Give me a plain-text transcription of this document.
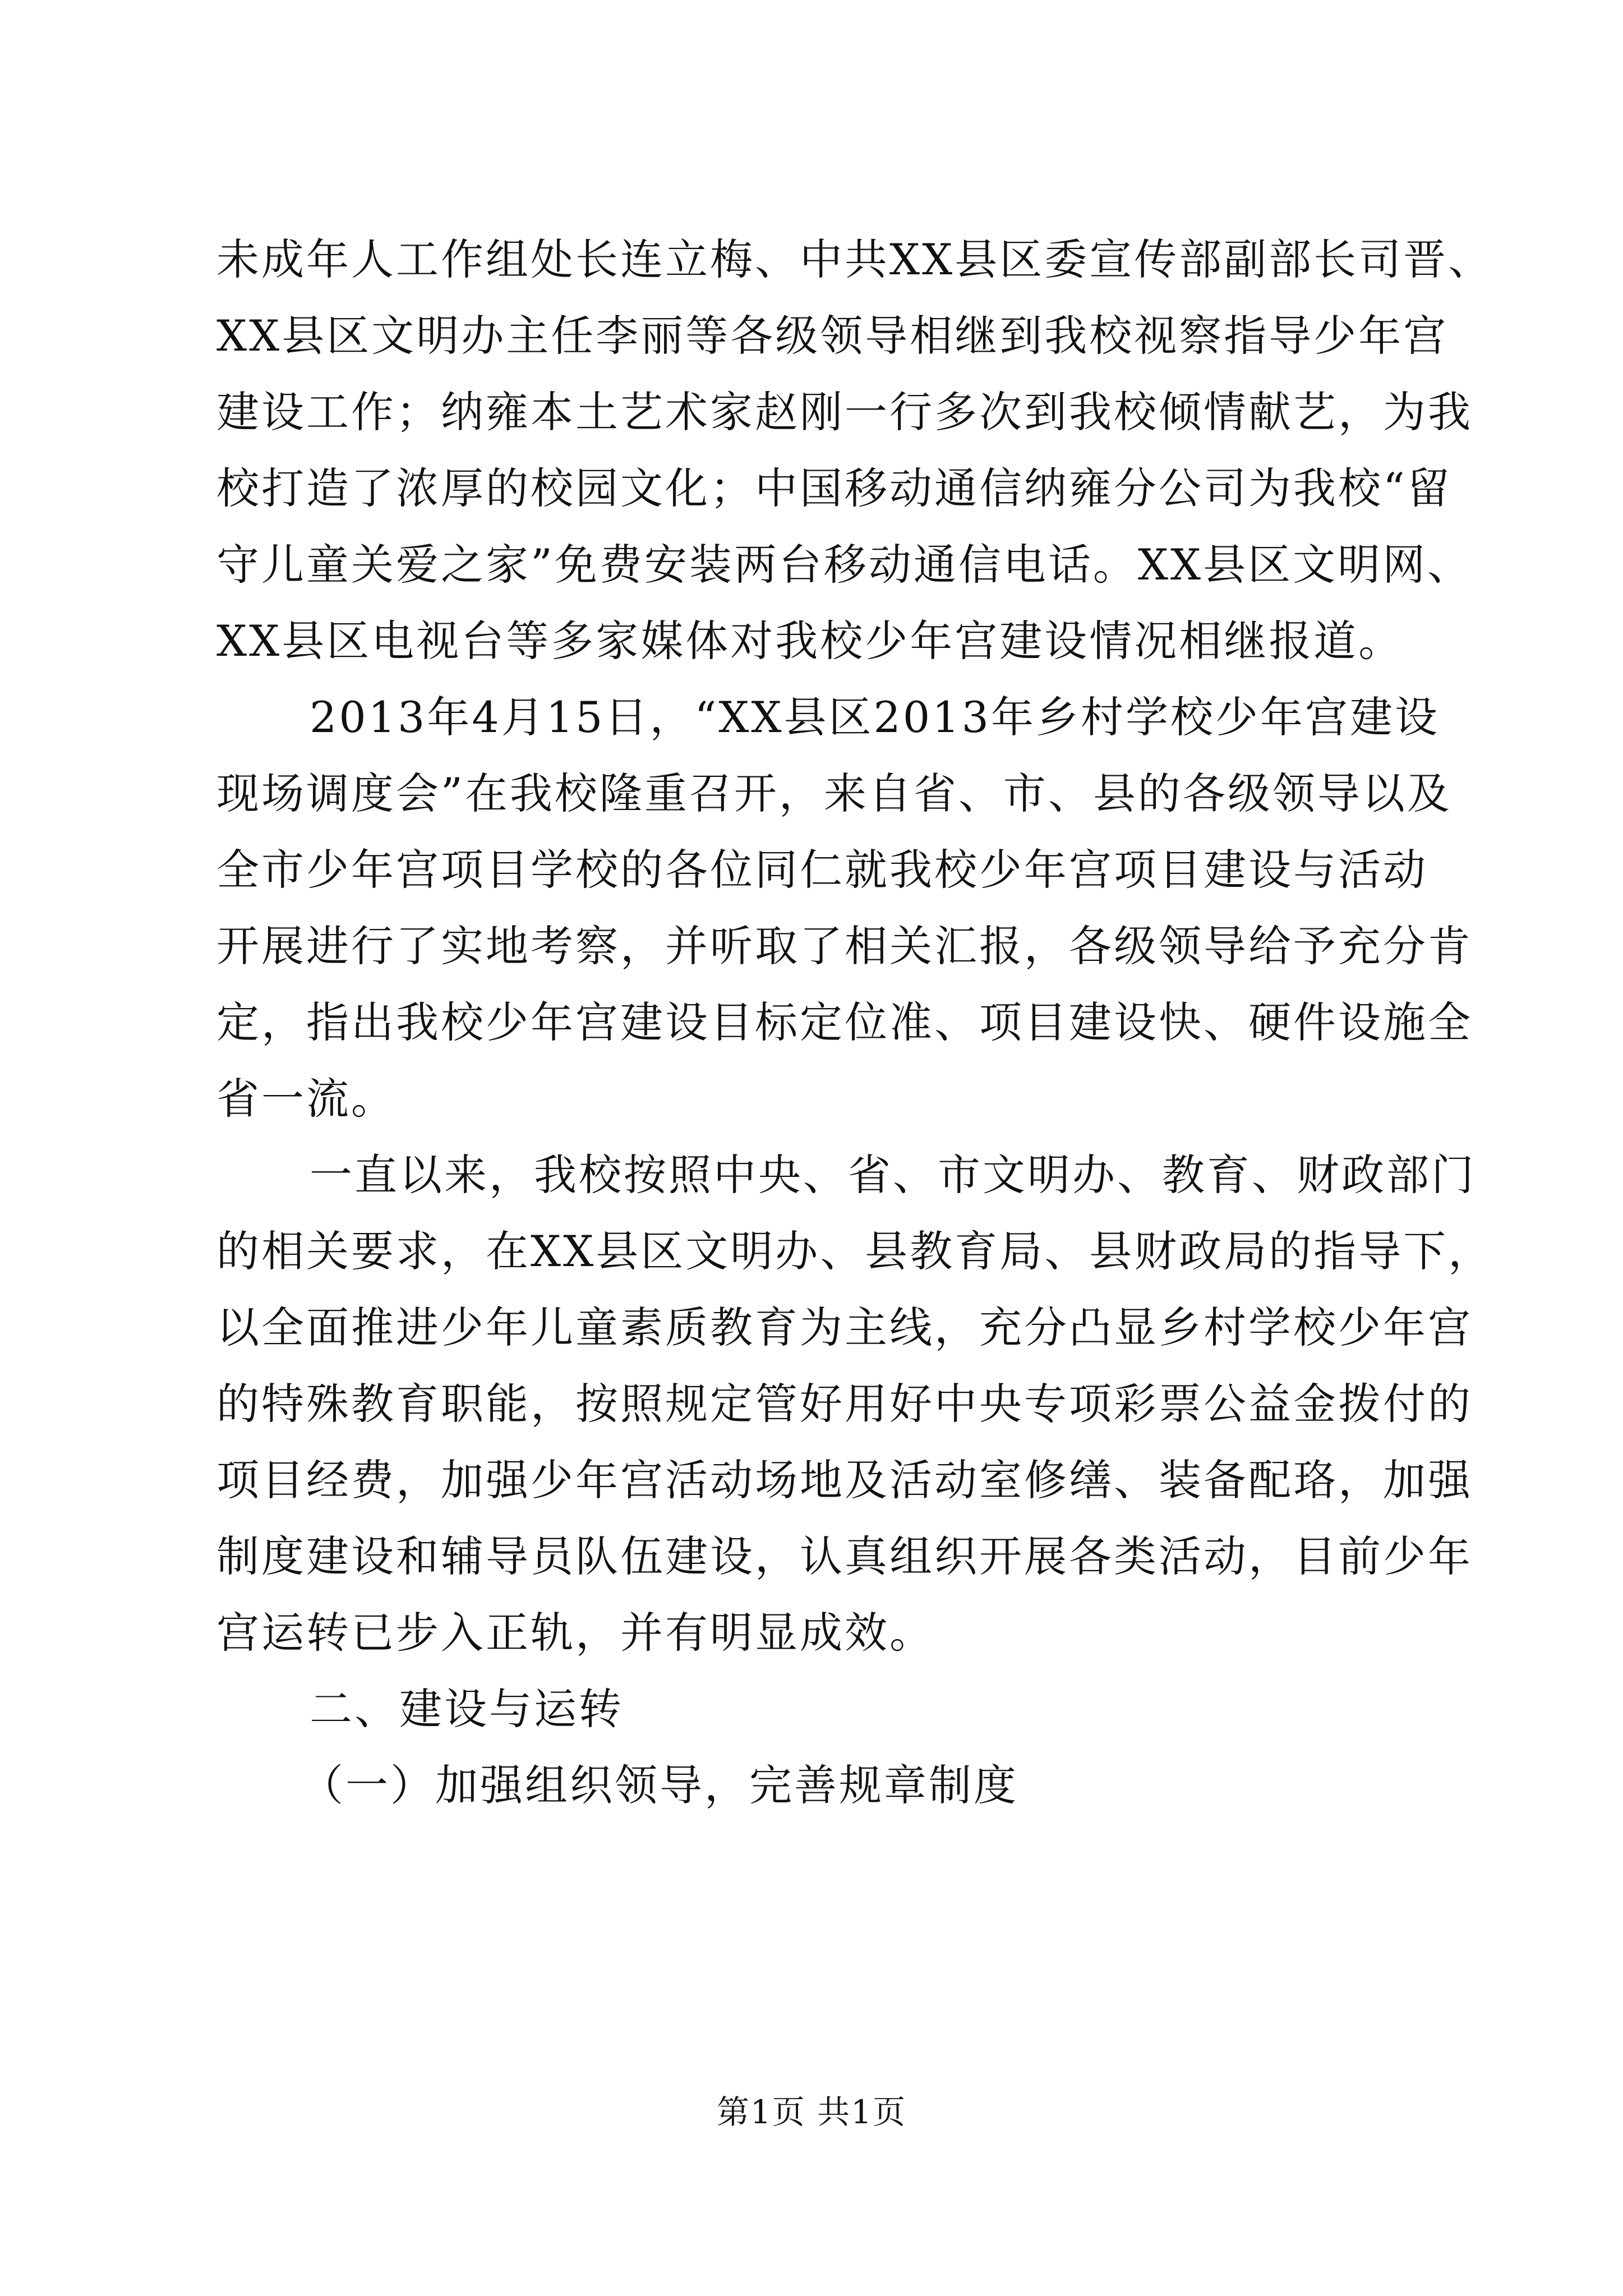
未成年人工作组处长连立梅、中共XX县区委宣传部副部长司晋、
XX县区文明办主任李丽等各级领导相继到我校视察指导少年宫
建设工作；纳雍本土艺术家赵刚一行多次到我校倾情献艺，为我
校打造了浓厚的校园文化；中国移动通信纳雍分公司为我校“留
守儿童关爱之家”免费安装两台移动通信电话。XX县区文明网、
XX县区电视台等多家媒体对我校少年宫建设情况相继报道。
2013年4月15日，“XX县区2013年乡村学校少年宫建设
现场调度会”在我校隆重召开，来自省、市、县的各级领导以及
全市少年宫项目学校的各位同仁就我校少年宫项目建设与活动
开展进行了实地考察，并听取了相关汇报，各级领导给予充分肯
定，指出我校少年宫建设目标定位准、项目建设快、硬件设施全
省一流。
一直以来，我校按照中央、省、市文明办、教育、财政部门
的相关要求，在XX县区文明办、县教育局、县财政局的指导下，
以全面推进少年儿童素质教育为主线，充分凸显乡村学校少年宫
的特殊教育职能，按照规定管好用好中央专项彩票公益金拨付的
项目经费，加强少年宫活动场地及活动室修缮、装备配珞，加强
制度建设和辅导员队伍建设，认真组织开展各类活动，目前少年
宫运转已步入正轨，并有明显成效。
二、建设与运转
（一）加强组织领导，完善规章制度
第1页 共1页
